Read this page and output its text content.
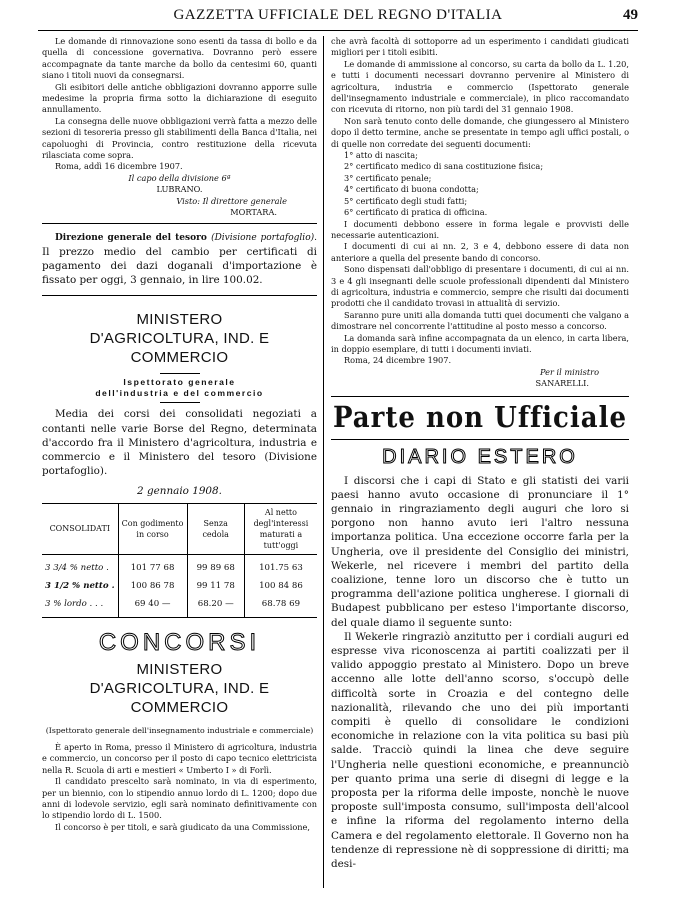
GAZZETTA UFFICIALE DEL REGNO D'ITALIA	49

Le domande di rinnovazione sono esenti da tassa di bollo e da quella di concessione governativa. Dovranno però essere accompagnate da tante marche da bollo da centesimi 60, quanti siano i titoli nuovi da consegnarsi.

Gli esibitori delle antiche obbligazioni dovranno apporre sulle medesime la propria firma sotto la dichiarazione di eseguito annullamento.

La consegna delle nuove obbligazioni verrà fatta a mezzo delle sezioni di tesoreria presso gli stabilimenti della Banca d'Italia, nei capoluoghi di Provincia, contro restituzione della ricevuta rilasciata come sopra.

Roma, addì 16 dicembre 1907.

Il capo della divisione 6ª

LUBRANO.

Visto: Il direttore generale

MORTARA.

Direzione generale del tesoro (Divisione portafoglio). Il prezzo medio del cambio per certificati di pagamento dei dazi doganali d'importazione è fissato per oggi, 3 gennaio, in lire 100.02.

MINISTERO

D'AGRICOLTURA, IND. E COMMERCIO

Ispettorato generale

dell'industria e del commercio

Media dei corsi dei consolidati negoziati a contanti nelle varie Borse del Regno, determinata d'accordo fra il Ministero d'agricoltura, industria e commercio e il Ministero del tesoro (Divisione portafoglio).

2 gennaio 1908.

CONSOLIDATI	Con godimento in corso	Senza cedola	Al netto degl'interessi maturati a tutt'oggi
3 3/4 % netto .	101 77 68	99 89 68	101.75 63
3 1/2 % netto .	100 86 78	99 11 78	100 84 86
3 % lordo . . .	69 40 —	68.20 —	68.78 69

CONCORSI

MINISTERO

D'AGRICOLTURA, IND. E COMMERCIO

(Ispettorato generale dell'insegnamento industriale e commerciale)

È aperto in Roma, presso il Ministero di agricoltura, industria e commercio, un concorso per il posto di capo tecnico elettricista nella R. Scuola di arti e mestieri « Umberto I » di Forlì.

Il candidato prescelto sarà nominato, in via di esperimento, per un biennio, con lo stipendio annuo lordo di L. 1200; dopo due anni di lodevole servizio, egli sarà nominato definitivamente con lo stipendio lordo di L. 1500.

Il concorso è per titoli, e sarà giudicato da una Commissione,

che avrà facoltà di sottoporre ad un esperimento i candidati giudicati migliori per i titoli esibiti.

Le domande di ammissione al concorso, su carta da bollo da L. 1.20, e tutti i documenti necessari dovranno pervenire al Ministero di agricoltura, industria e commercio (Ispettorato generale dell'insegnamento industriale e commerciale), in plico raccomandato con ricevuta di ritorno, non più tardi del 31 gennaio 1908.

Non sarà tenuto conto delle domande, che giungessero al Ministero dopo il detto termine, anche se presentate in tempo agli uffici postali, o di quelle non corredate dei seguenti documenti:

1° atto di nascita;

2° certificato medico di sana costituzione fisica;

3° certificato penale;

4° certificato di buona condotta;

5° certificato degli studi fatti;

6° certificato di pratica di officina.

I documenti debbono essere in forma legale e provvisti delle necessarie autenticazioni.

I documenti di cui ai nn. 2, 3 e 4, debbono essere di data non anteriore a quella del presente bando di concorso.

Sono dispensati dall'obbligo di presentare i documenti, di cui ai nn. 3 e 4 gli insegnanti delle scuole professionali dipendenti dal Ministero di agricoltura, industria e commercio, sempre che risulti dai documenti prodotti che il candidato trovasi in attualità di servizio.

Saranno pure uniti alla domanda tutti quei documenti che valgano a dimostrare nel concorrente l'attitudine al posto messo a concorso.

La domanda sarà infine accompagnata da un elenco, in carta libera, in doppio esemplare, di tutti i documenti inviati.

Roma, 24 dicembre 1907.

Per il ministro

SANARELLI.

Parte non Ufficiale

DIARIO ESTERO

I discorsi che i capi di Stato e gli statisti dei varii paesi hanno avuto occasione di pronunciare il 1° gennaio in ringraziamento degli auguri che loro si porgono non hanno avuto ieri l'altro nessuna importanza politica. Una eccezione occorre farla per la Ungheria, ove il presidente del Consiglio dei ministri, Wekerle, nel ricevere i membri del partito della coalizione, tenne loro un discorso che è tutto un programma dell'azione politica ungherese. I giornali di Budapest pubblicano per esteso l'importante discorso, del quale diamo il seguente sunto:

Il Wekerle ringraziò anzitutto per i cordiali auguri ed espresse viva riconoscenza ai partiti coalizzati per il valido appoggio prestato al Ministero. Dopo un breve accenno alle lotte dell'anno scorso, s'occupò delle difficoltà sorte in Croazia e del contegno delle nazionalità, rilevando che uno dei più importanti compiti è quello di consolidare le condizioni economiche in relazione con la vita politica su basi più salde. Tracciò quindi la linea che deve seguire l'Ungheria nelle questioni economiche, e preannunciò per quanto prima una serie di disegni di legge e la proposta per la riforma delle imposte, nonchè le nuove proposte sull'imposta consumo, sull'imposta dell'alcool e infine la riforma del regolamento interno della Camera e del regolamento elettorale. Il Governo non ha tendenze di repressione nè di soppressione di diritti; ma desi-
